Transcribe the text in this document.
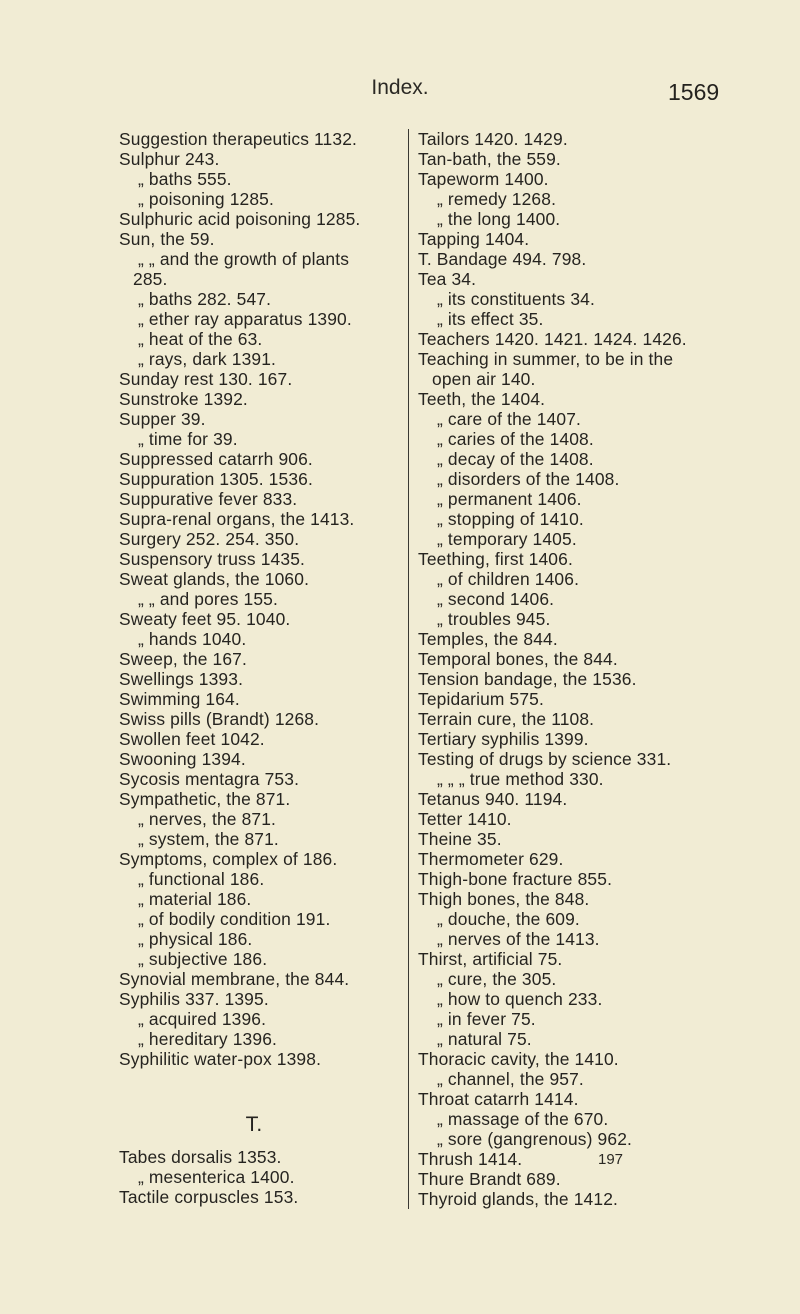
Index.	1569
Suggestion therapeutics 1132.
Sulphur 243.
„ baths 555.
„ poisoning 1285.
Sulphuric acid poisoning 1285.
Sun, the 59.
„ „ and the growth of plants
285.
„ baths 282. 547.
„ ether ray apparatus 1390.
„ heat of the 63.
„ rays, dark 1391.
Sunday rest 130. 167.
Sunstroke 1392.
Supper 39.
„ time for 39.
Suppressed catarrh 906.
Suppuration 1305. 1536.
Suppurative fever 833.
Supra-renal organs, the 1413.
Surgery 252. 254. 350.
Suspensory truss 1435.
Sweat glands, the 1060.
„ „ and pores 155.
Sweaty feet 95. 1040.
„ hands 1040.
Sweep, the 167.
Swellings 1393.
Swimming 164.
Swiss pills (Brandt) 1268.
Swollen feet 1042.
Swooning 1394.
Sycosis mentagra 753.
Sympathetic, the 871.
„ nerves, the 871.
„ system, the 871.
Symptoms, complex of 186.
„ functional 186.
„ material 186.
„ of bodily condition 191.
„ physical 186.
„ subjective 186.
Synovial membrane, the 844.
Syphilis 337. 1395.
„ acquired 1396.
„ hereditary 1396.
Syphilitic water-pox 1398.
T.
Tabes dorsalis 1353.
„ mesenterica 1400.
Tactile corpuscles 153.
Tailors 1420. 1429.
Tan-bath, the 559.
Tapeworm 1400.
„ remedy 1268.
„ the long 1400.
Tapping 1404.
T. Bandage 494. 798.
Tea 34.
„ its constituents 34.
„ its effect 35.
Teachers 1420. 1421. 1424. 1426.
Teaching in summer, to be in the
open air 140.
Teeth, the 1404.
„ care of the 1407.
„ caries of the 1408.
„ decay of the 1408.
„ disorders of the 1408.
„ permanent 1406.
„ stopping of 1410.
„ temporary 1405.
Teething, first 1406.
„ of children 1406.
„ second 1406.
„ troubles 945.
Temples, the 844.
Temporal bones, the 844.
Tension bandage, the 1536.
Tepidarium 575.
Terrain cure, the 1108.
Tertiary syphilis 1399.
Testing of drugs by science 331.
„ „ „ true method 330.
Tetanus 940. 1194.
Tetter 1410.
Theine 35.
Thermometer 629.
Thigh-bone fracture 855.
Thigh bones, the 848.
„ douche, the 609.
„ nerves of the 1413.
Thirst, artificial 75.
„ cure, the 305.
„ how to quench 233.
„ in fever 75.
„ natural 75.
Thoracic cavity, the 1410.
„ channel, the 957.
Throat catarrh 1414.
„ massage of the 670.
„ sore (gangrenous) 962.
Thrush 1414.
Thure Brandt 689.
Thyroid glands, the 1412.
197
